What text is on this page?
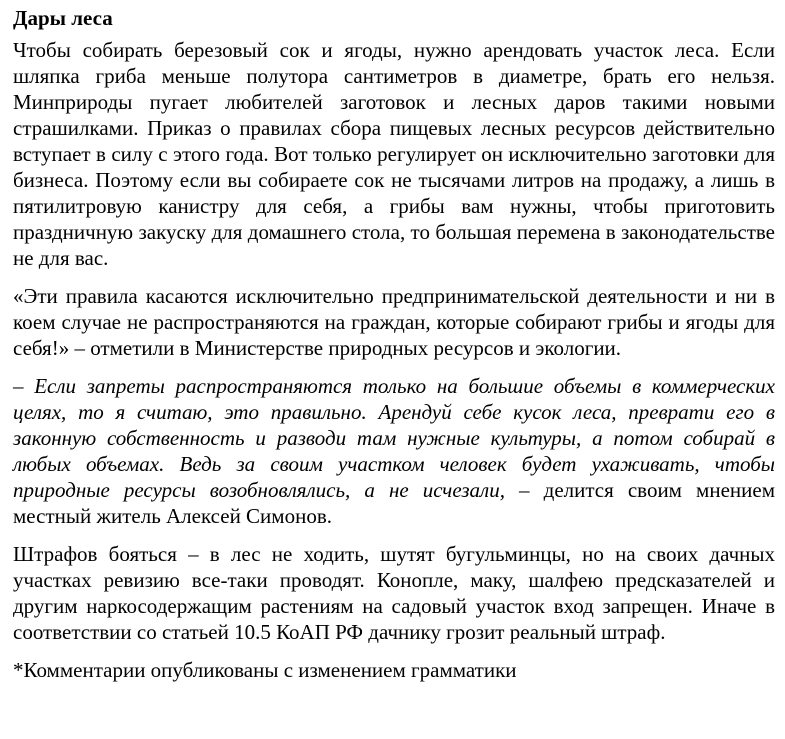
Дары леса

Чтобы собирать березовый сок и ягоды, нужно арендовать участок леса. Если шляпка гриба меньше полутора сантиметров в диаметре, брать его нельзя. Минприроды пугает любителей заготовок и лесных даров такими новыми страшилками. Приказ о правилах сбора пищевых лесных ресурсов действительно вступает в силу с этого года. Вот только регулирует он исключительно заготовки для бизнеса. Поэтому если вы собираете сок не тысячами литров на продажу, а лишь в пятилитровую канистру для себя, а грибы вам нужны, чтобы приготовить праздничную закуску для домашнего стола, то большая перемена в законодательстве не для вас.

«Эти правила касаются исключительно предпринимательской деятельности и ни в коем случае не распространяются на граждан, которые собирают грибы и ягоды для себя!» – отметили в Министерстве природных ресурсов и экологии.

– Если запреты распространяются только на большие объемы в коммерческих целях, то я считаю, это правильно. Арендуй себе кусок леса, преврати его в законную собственность и разводи там нужные культуры, а потом собирай в любых объемах. Ведь за своим участком человек будет ухаживать, чтобы природные ресурсы возобновлялись, а не исчезали, – делится своим мнением местный житель Алексей Симонов.

Штрафов бояться – в лес не ходить, шутят бугульминцы, но на своих дачных участках ревизию все-таки проводят. Конопле, маку, шалфею предсказателей и другим наркосодержащим растениям на садовый участок вход запрещен. Иначе в соответствии со статьей 10.5 КоАП РФ дачнику грозит реальный штраф.

*Комментарии опубликованы с изменением грамматики
